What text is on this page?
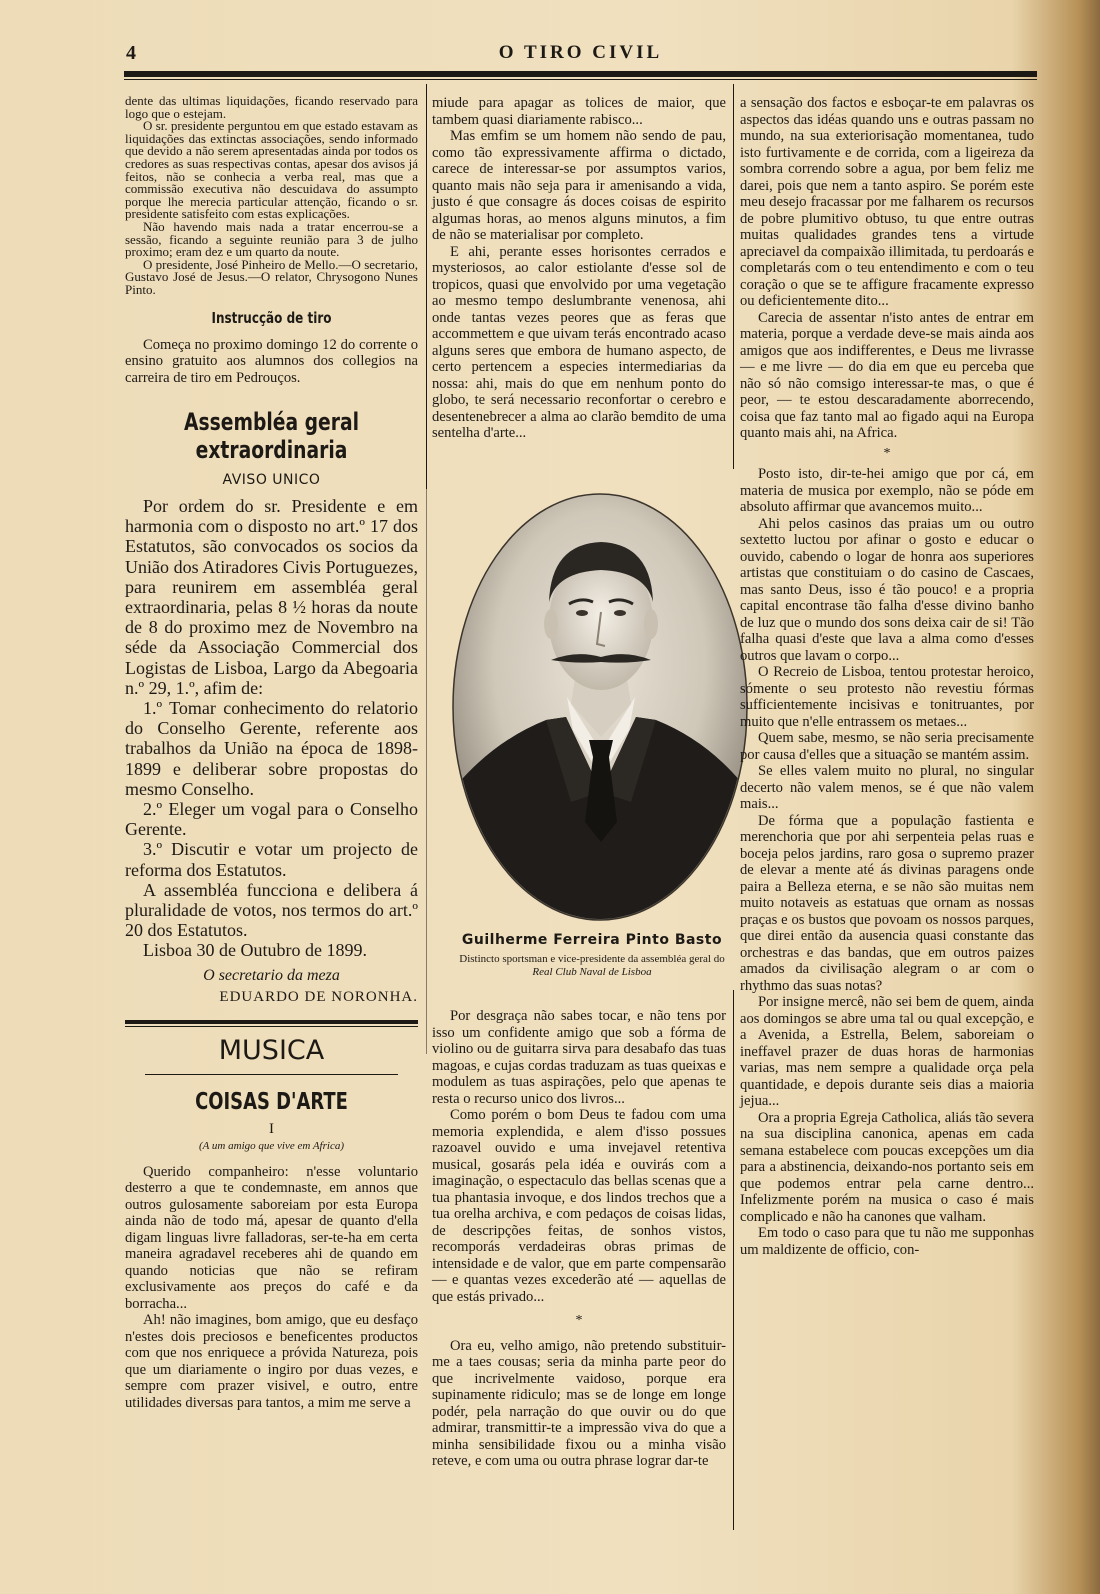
4	O TIRO CIVIL

dente das ultimas liquidações, ficando reservado para logo que o estejam.

O sr. presidente perguntou em que estado estavam as liquidações das extinctas associações, sendo informado que devido a não serem apresentadas ainda por todos os credores as suas respectivas contas, apesar dos avisos já feitos, não se conhecia a verba real, mas que a commissão executiva não descuidava do assumpto porque lhe merecia particular attenção, ficando o sr. presidente satisfeito com estas explicações.

Não havendo mais nada a tratar encerrou-se a sessão, ficando a seguinte reunião para 3 de julho proximo; eram dez e um quarto da noute.

O presidente, José Pinheiro de Mello.—O secretario, Gustavo José de Jesus.—O relator, Chrysogono Nunes Pinto.

Instrucção de tiro

Começa no proximo domingo 12 do corrente o ensino gratuito aos alumnos dos collegios na carreira de tiro em Pedrouços.

Assembléa geral extraordinaria
AVISO UNICO

Por ordem do sr. Presidente e em harmonia com o disposto no art.º 17 dos Estatutos, são convocados os socios da União dos Atiradores Civis Portuguezes, para reunirem em assembléa geral extraordinaria, pelas 8 ½ horas da noute de 8 do proximo mez de Novembro na séde da Associação Commercial dos Logistas de Lisboa, Largo da Abegoaria n.º 29, 1.º, afim de:

1.º Tomar conhecimento do relatorio do Conselho Gerente, referente aos trabalhos da União na época de 1898-1899 e deliberar sobre propostas do mesmo Conselho.

2.º Eleger um vogal para o Conselho Gerente.

3.º Discutir e votar um projecto de reforma dos Estatutos.

A assembléa funcciona e delibera á pluralidade de votos, nos termos do art.º 20 dos Estatutos.

Lisboa 30 de Outubro de 1899.

O secretario da meza
EDUARDO DE NORONHA.
MUSICA
COISAS D'ARTE
I
(A um amigo que vive em Africa)

Querido companheiro: n'esse voluntario desterro a que te condemnaste, em annos que outros gulosamente saboreiam por esta Europa ainda não de todo má, apesar de quanto d'ella digam linguas livre falladoras, ser-te-ha em certa maneira agradavel receberes ahi de quando em quando noticias que não se refiram exclusivamente aos preços do café e da borracha...

Ah! não imagines, bom amigo, que eu desfaço n'estes dois preciosos e beneficentes productos com que nos enriquece a próvida Natureza, pois que um diariamente o ingiro por duas vezes, e sempre com prazer visivel, e outro, entre utilidades diversas para tantos, a mim me serve a

miude para apagar as tolices de maior, que tambem quasi diariamente rabisco...

Mas emfim se um homem não sendo de pau, como tão expressivamente affirma o dictado, carece de interessar-se por assumptos varios, quanto mais não seja para ir amenisando a vida, justo é que consagre ás doces coisas de espirito algumas horas, ao menos alguns minutos, a fim de não se materialisar por completo.

E ahi, perante esses horisontes cerrados e mysteriosos, ao calor estiolante d'esse sol de tropicos, quasi que envolvido por uma vegetação ao mesmo tempo deslumbrante venenosa, ahi onde tantas vezes peores que as feras que accommettem e que uivam terás encontrado acaso alguns seres que embora de humano aspecto, de certo pertencem a especies intermediarias da nossa: ahi, mais do que em nenhum ponto do globo, te será necessario reconfortar o cerebro e desentenebrecer a alma ao clarão bemdito de uma sentelha d'arte...

Guilherme Ferreira Pinto Basto
Distincto sportsman e vice-presidente da assembléa geral do
Real Club Naval de Lisboa

Por desgraça não sabes tocar, e não tens por isso um confidente amigo que sob a fórma de violino ou de guitarra sirva para desabafo das tuas magoas, e cujas cordas traduzam as tuas queixas e modulem as tuas aspirações, pelo que apenas te resta o recurso unico dos livros...

Como porém o bom Deus te fadou com uma memoria explendida, e alem d'isso possues razoavel ouvido e uma invejavel retentiva musical, gosarás pela idéa e ouvirás com a imaginação, o espectaculo das bellas scenas que a tua phantasia invoque, e dos lindos trechos que a tua orelha archiva, e com pedaços de coisas lidas, de descripções feitas, de sonhos vistos, recomporás verdadeiras obras primas de intensidade e de valor, que em parte compensarão — e quantas vezes excederão até — aquellas de que estás privado...

*

Ora eu, velho amigo, não pretendo substituir-me a taes cousas; seria da minha parte peor do que incrivelmente vaidoso, porque era supinamente ridiculo; mas se de longe em longe podér, pela narração do que ouvir ou do que admirar, transmittir-te a impressão viva do que a minha sensibilidade fixou ou a minha visão reteve, e com uma ou outra phrase lograr dar-te

a sensação dos factos e esboçar-te em palavras os aspectos das idéas quando uns e outras passam no mundo, na sua exteriorisação momentanea, tudo isto furtivamente e de corrida, com a ligeireza da sombra correndo sobre a agua, por bem feliz me darei, pois que nem a tanto aspiro. Se porém este meu desejo fracassar por me falharem os recursos de pobre plumitivo obtuso, tu que entre outras muitas qualidades grandes tens a virtude apreciavel da compaixão illimitada, tu perdoarás e completarás com o teu entendimento e com o teu coração o que se te affigure fracamente expresso ou deficientemente dito...

Carecia de assentar n'isto antes de entrar em materia, porque a verdade deve-se mais ainda aos amigos que aos indifferentes, e Deus me livrasse — e me livre — do dia em que eu perceba que não só não comsigo interessar-te mas, o que é peor, — te estou descaradamente aborrecendo, coisa que faz tanto mal ao figado aqui na Europa quanto mais ahi, na Africa.

*

Posto isto, dir-te-hei amigo que por cá, em materia de musica por exemplo, não se póde em absoluto affirmar que avancemos muito...

Ahi pelos casinos das praias um ou outro sextetto luctou por afinar o gosto e educar o ouvido, cabendo o logar de honra aos superiores artistas que constituiam o do casino de Cascaes, mas santo Deus, isso é tão pouco! e a propria capital encontrase tão falha d'esse divino banho de luz que o mundo dos sons deixa cair de si! Tão falha quasi d'este que lava a alma como d'esses outros que lavam o corpo...

O Recreio de Lisboa, tentou protestar heroico, sómente o seu protesto não revestiu fórmas sufficientemente incisivas e tonitruantes, por muito que n'elle entrassem os metaes...

Quem sabe, mesmo, se não seria precisamente por causa d'elles que a situação se mantém assim.

Se elles valem muito no plural, no singular decerto não valem menos, se é que não valem mais...

De fórma que a população fastienta e merenchoria que por ahi serpenteia pelas ruas e boceja pelos jardins, raro gosa o supremo prazer de elevar a mente até ás divinas paragens onde paira a Belleza eterna, e se não são muitas nem muito notaveis as estatuas que ornam as nossas praças e os bustos que povoam os nossos parques, que direi então da ausencia quasi constante das orchestras e das bandas, que em outros paizes amados da civilisação alegram o ar com o rhythmo das suas notas?

Por insigne mercê, não sei bem de quem, ainda aos domingos se abre uma tal ou qual excepção, e a Avenida, a Estrella, Belem, saboreiam o ineffavel prazer de duas horas de harmonias varias, mas nem sempre a qualidade orça pela quantidade, e depois durante seis dias a maioria jejua...

Ora a propria Egreja Catholica, aliás tão severa na sua disciplina canonica, apenas em cada semana estabelece com poucas excepções um dia para a abstinencia, deixando-nos portanto seis em que podemos entrar pela carne dentro... Infelizmente porém na musica o caso é mais complicado e não ha canones que valham.

Em todo o caso para que tu não me supponhas um maldizente de officio, con-
